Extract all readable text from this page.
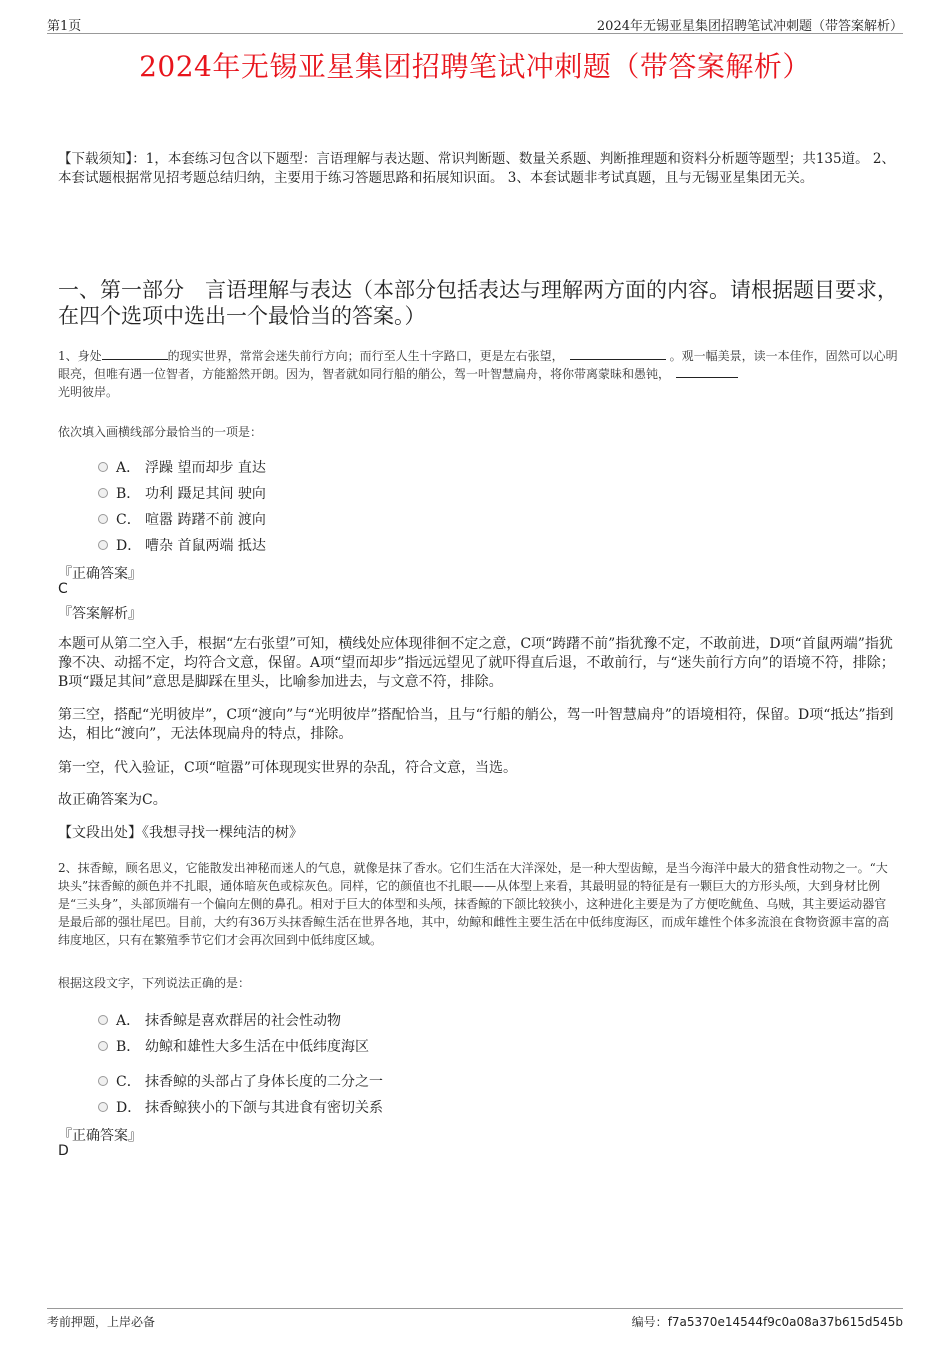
第1页	2024年无锡亚星集团招聘笔试冲刺题（带答案解析）
2024年无锡亚星集团招聘笔试冲刺题（带答案解析）
【下载须知】：1，本套练习包含以下题型：言语理解与表达题、常识判断题、数量关系题、判断推理题和资料分析题等题型；共135道。 2、本套试题根据常见招考题总结归纳，主要用于练习答题思路和拓展知识面。 3、本套试题非考试真题，且与无锡亚星集团无关。
一、第一部分　言语理解与表达（本部分包括表达与理解两方面的内容。请根据题目要求，在四个选项中选出一个最恰当的答案。）
1、身处	的现实世界，常常会迷失前行方向；而行至人生十字路口，更是左右张望，	。观一幅美景，读一本佳作，固然可以心明眼亮，但唯有遇一位智者，方能豁然开朗。因为，智者就如同行船的艄公，驾一叶智慧扁舟，将你带离蒙昧和愚钝，
光明彼岸。
依次填入画横线部分最恰当的一项是：
A． 浮躁 望而却步 直达
B． 功利 蹑足其间 驶向
C． 喧嚣 踌躇不前 渡向
D． 嘈杂 首鼠两端 抵达
『正确答案』
C
『答案解析』
本题可从第二空入手，根据“左右张望”可知，横线处应体现徘徊不定之意，C项“踌躇不前”指犹豫不定，不敢前进，D项“首鼠两端”指犹豫不决、动摇不定，均符合文意，保留。A项“望而却步”指远远望见了就吓得直后退，不敢前行，与“迷失前行方向”的语境不符，排除；B项“蹑足其间”意思是脚踩在里头，比喻参加进去，与文意不符，排除。
第三空，搭配“光明彼岸”，C项“渡向”与“光明彼岸”搭配恰当，且与“行船的艄公，驾一叶智慧扁舟”的语境相符，保留。D项“抵达”指到达，相比“渡向”，无法体现扁舟的特点，排除。
第一空，代入验证，C项“喧嚣”可体现现实世界的杂乱，符合文意，当选。
故正确答案为C。
【文段出处】《我想寻找一棵纯洁的树》
2、抹香鲸，顾名思义，它能散发出神秘而迷人的气息，就像是抹了香水。它们生活在大洋深处，是一种大型齿鲸，是当今海洋中最大的猎食性动物之一。“大块头”抹香鲸的颜色并不扎眼，通体暗灰色或棕灰色。同样，它的颜值也不扎眼——从体型上来看，其最明显的特征是有一颗巨大的方形头颅，大到身材比例是“三头身”，头部顶端有一个偏向左侧的鼻孔。相对于巨大的体型和头颅，抹香鲸的下颌比较狭小，这种进化主要是为了方便吃鱿鱼、乌贼，其主要运动器官是最后部的强壮尾巴。目前，大约有36万头抹香鲸生活在世界各地，其中，幼鲸和雌性主要生活在中低纬度海区，而成年雄性个体多流浪在食物资源丰富的高纬度地区，只有在繁殖季节它们才会再次回到中低纬度区域。
根据这段文字，下列说法正确的是：
A． 抹香鲸是喜欢群居的社会性动物
B． 幼鲸和雄性大多生活在中低纬度海区
C． 抹香鲸的头部占了身体长度的二分之一
D． 抹香鲸狭小的下颌与其进食有密切关系
『正确答案』
D
考前押题，上岸必备	编号：f7a5370e14544f9c0a08a37b615d545b
